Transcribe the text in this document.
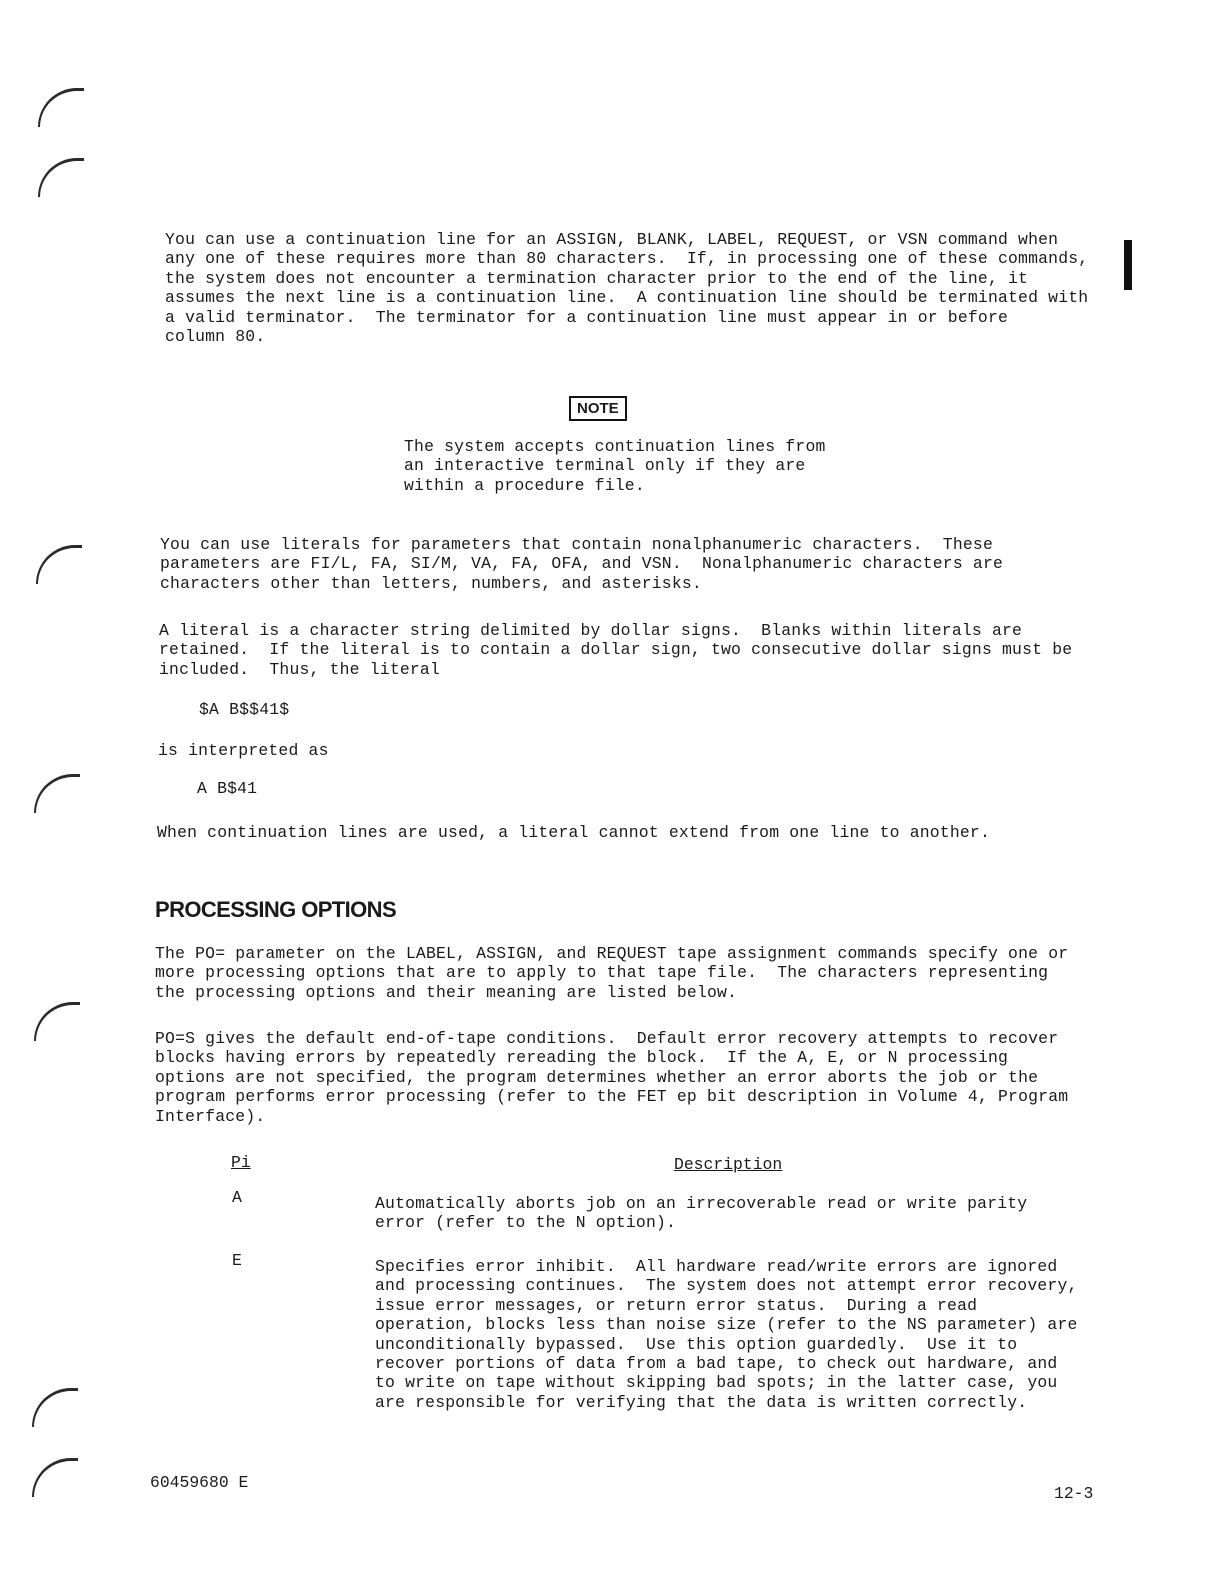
You can use a continuation line for an ASSIGN, BLANK, LABEL, REQUEST, or VSN command when
any one of these requires more than 80 characters.  If, in processing one of these commands,
the system does not encounter a termination character prior to the end of the line, it
assumes the next line is a continuation line.  A continuation line should be terminated with
a valid terminator.  The terminator for a continuation line must appear in or before
column 80.

NOTE

The system accepts continuation lines from
an interactive terminal only if they are
within a procedure file.

You can use literals for parameters that contain nonalphanumeric characters.  These
parameters are FI/L, FA, SI/M, VA, FA, OFA, and VSN.  Nonalphanumeric characters are
characters other than letters, numbers, and asterisks.

A literal is a character string delimited by dollar signs.  Blanks within literals are
retained.  If the literal is to contain a dollar sign, two consecutive dollar signs must be
included.  Thus, the literal

$A B$$41$

is interpreted as

A B$41

When continuation lines are used, a literal cannot extend from one line to another.

PROCESSING OPTIONS

The PO= parameter on the LABEL, ASSIGN, and REQUEST tape assignment commands specify one or
more processing options that are to apply to that tape file.  The characters representing
the processing options and their meaning are listed below.

PO=S gives the default end-of-tape conditions.  Default error recovery attempts to recover
blocks having errors by repeatedly rereading the block.  If the A, E, or N processing
options are not specified, the program determines whether an error aborts the job or the
program performs error processing (refer to the FET ep bit description in Volume 4, Program
Interface).

Pi	Description
A	Automatically aborts job on an irrecoverable read or write parity
error (refer to the N option).

E	Specifies error inhibit.  All hardware read/write errors are ignored
and processing continues.  The system does not attempt error recovery,
issue error messages, or return error status.  During a read
operation, blocks less than noise size (refer to the NS parameter) are
unconditionally bypassed.  Use this option guardedly.  Use it to
recover portions of data from a bad tape, to check out hardware, and
to write on tape without skipping bad spots; in the latter case, you
are responsible for verifying that the data is written correctly.

60459680 E
12-3
